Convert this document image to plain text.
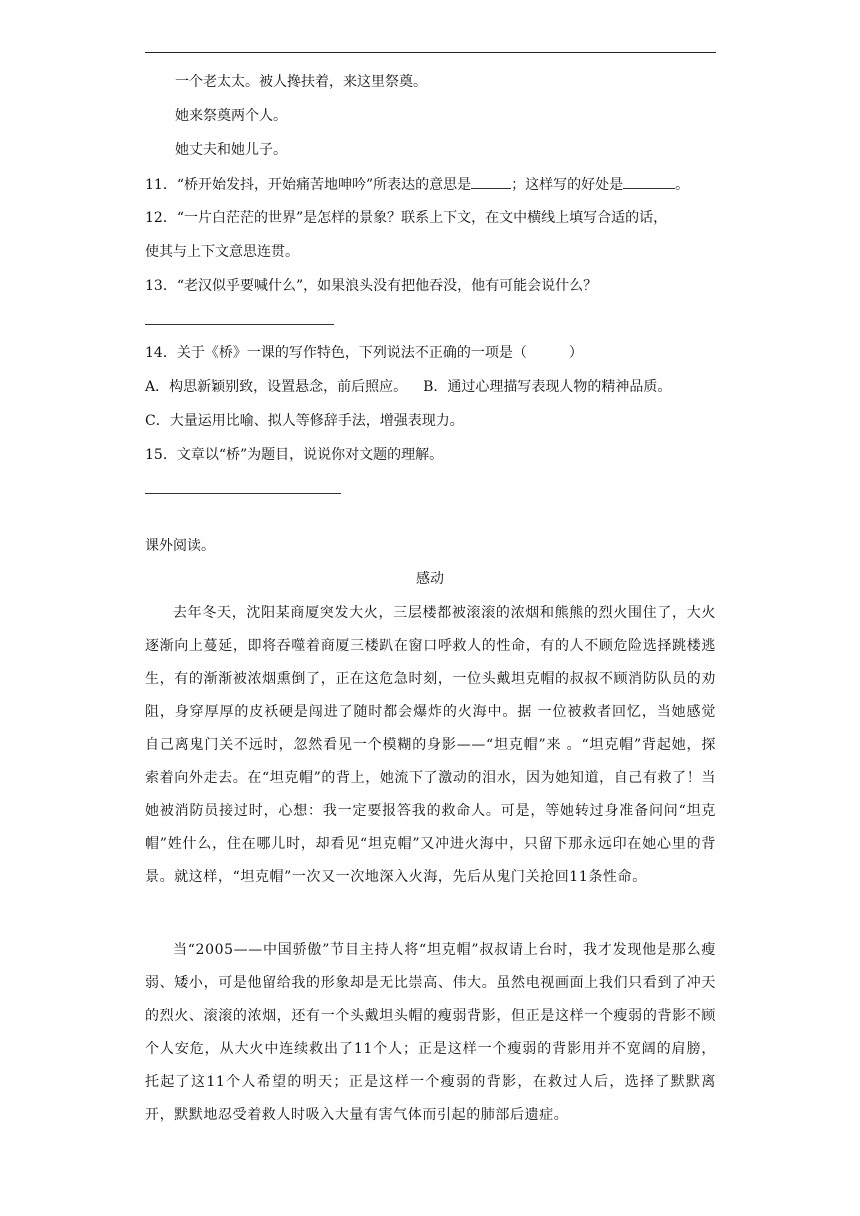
一个老太太。被人搀扶着，来这里祭奠。
她来祭奠两个人。
她丈夫和她儿子。
11．“桥开始发抖，开始痛苦地呻吟”所表达的意思是	；这样写的好处是	。
12．“一片白茫茫的世界”是怎样的景象？联系上下文，在文中横线上填写合适的话，
使其与上下文意思连贯。
13．“老汉似乎要喊什么”，如果浪头没有把他吞没，他有可能会说什么？
14．关于《桥》一课的写作特色，下列说法不正确的一项是（　　　）
A．构思新颖别致，设置悬念，前后照应。 B．通过心理描写表现人物的精神品质。
C．大量运用比喻、拟人等修辞手法，增强表现力。
15．文章以“桥”为题目，说说你对文题的理解。
课外阅读。
感动
去年冬天，沈阳某商厦突发大火，三层楼都被滚滚的浓烟和熊熊的烈火围住了，大火逐渐向上蔓延，即将吞噬着商厦三楼趴在窗口呼救人的性命，有的人不顾危险选择跳楼逃生，有的渐渐被浓烟熏倒了，正在这危急时刻，一位头戴坦克帽的叔叔不顾消防队员的劝阻，身穿厚厚的皮袄硬是闯进了随时都会爆炸的火海中。据 一位被救者回忆，当她感觉自己离鬼门关不远时，忽然看见一个模糊的身影——“坦克帽”来 。“坦克帽”背起她，探索着向外走去。在“坦克帽”的背上，她流下了激动的泪水，因为她知道，自己有救了！当她被消防员接过时，心想：我一定要报答我的救命人。可是，等她转过身准备问问“坦克帽”姓什么，住在哪儿时，却看见“坦克帽”又冲进火海中，只留下那永远印在她心里的背景。就这样，“坦克帽”一次又一次地深入火海，先后从鬼门关抢回11条性命。
当“2005——中国骄傲”节目主持人将“坦克帽”叔叔请上台时，我才发现他是那么瘦弱、矮小，可是他留给我的形象却是无比崇高、伟大。虽然电视画面上我们只看到了冲天的烈火、滚滚的浓烟，还有一个头戴坦头帽的瘦弱背影，但正是这样一个瘦弱的背影不顾个人安危，从大火中连续救出了11个人；正是这样一个瘦弱的背影用并不宽阔的肩膀，托起了这11个人希望的明天；正是这样一个瘦弱的背影，在救过人后，选择了默默离开，默默地忍受着救人时吸入大量有害气体而引起的肺部后遗症。
